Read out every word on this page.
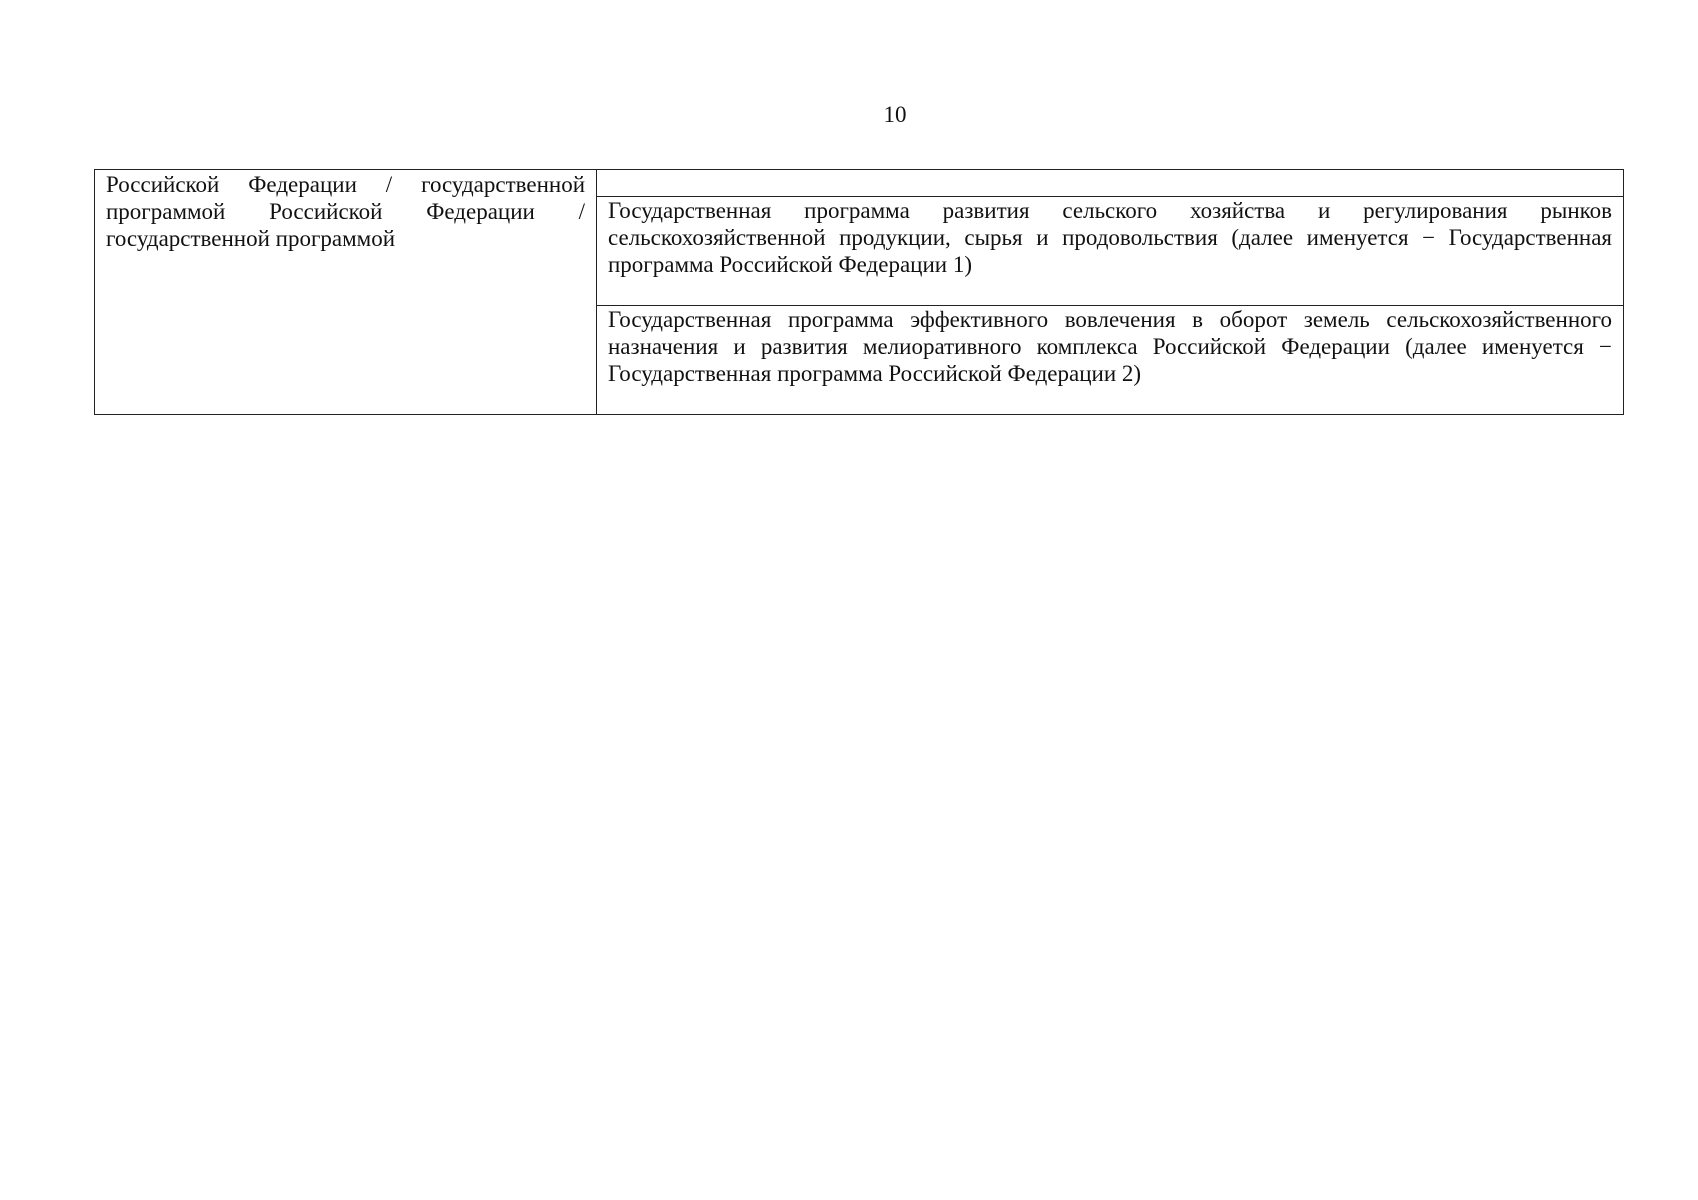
10
Российской Федерации / государственной программой Российской Федерации / государственной программой	

Государственная программа развития сельского хозяйства и регулирования рынков сельскохозяйственной продукции, сырья и продовольствия (далее именуется − Государственная программа Российской Федерации 1)

Государственная программа эффективного вовлечения в оборот земель сельскохозяйственного назначения и развития мелиоративного комплекса Российской Федерации (далее именуется − Государственная программа Российской Федерации 2)
